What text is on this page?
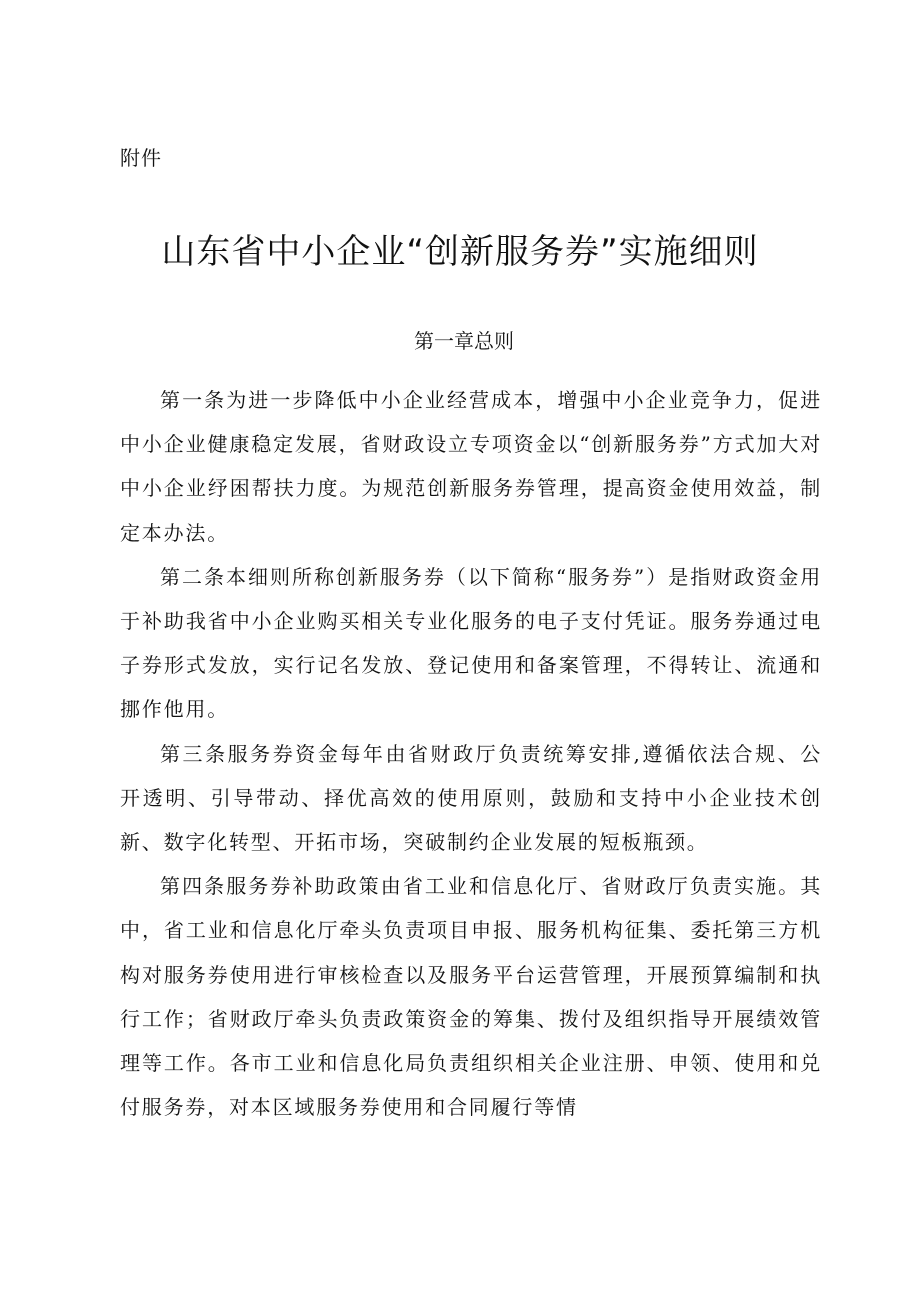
附件
山东省中小企业“创新服务券”实施细则
第一章总则

第一条为进一步降低中小企业经营成本，增强中小企业竞争力，促进中小企业健康稳定发展，省财政设立专项资金以“创新服务券”方式加大对中小企业纾困帮扶力度。为规范创新服务券管理，提高资金使用效益，制定本办法。

第二条本细则所称创新服务券（以下简称“服务券”）是指财政资金用于补助我省中小企业购买相关专业化服务的电子支付凭证。服务券通过电子券形式发放，实行记名发放、登记使用和备案管理，不得转让、流通和挪作他用。

第三条服务券资金每年由省财政厅负责统筹安排,遵循依法合规、公开透明、引导带动、择优高效的使用原则，鼓励和支持中小企业技术创新、数字化转型、开拓市场，突破制约企业发展的短板瓶颈。

第四条服务券补助政策由省工业和信息化厅、省财政厅负责实施。其中，省工业和信息化厅牵头负责项目申报、服务机构征集、委托第三方机构对服务券使用进行审核检查以及服务平台运营管理，开展预算编制和执行工作；省财政厅牵头负责政策资金的筹集、拨付及组织指导开展绩效管理等工作。各市工业和信息化局负责组织相关企业注册、申领、使用和兑付服务券，对本区域服务券使用和合同履行等情
